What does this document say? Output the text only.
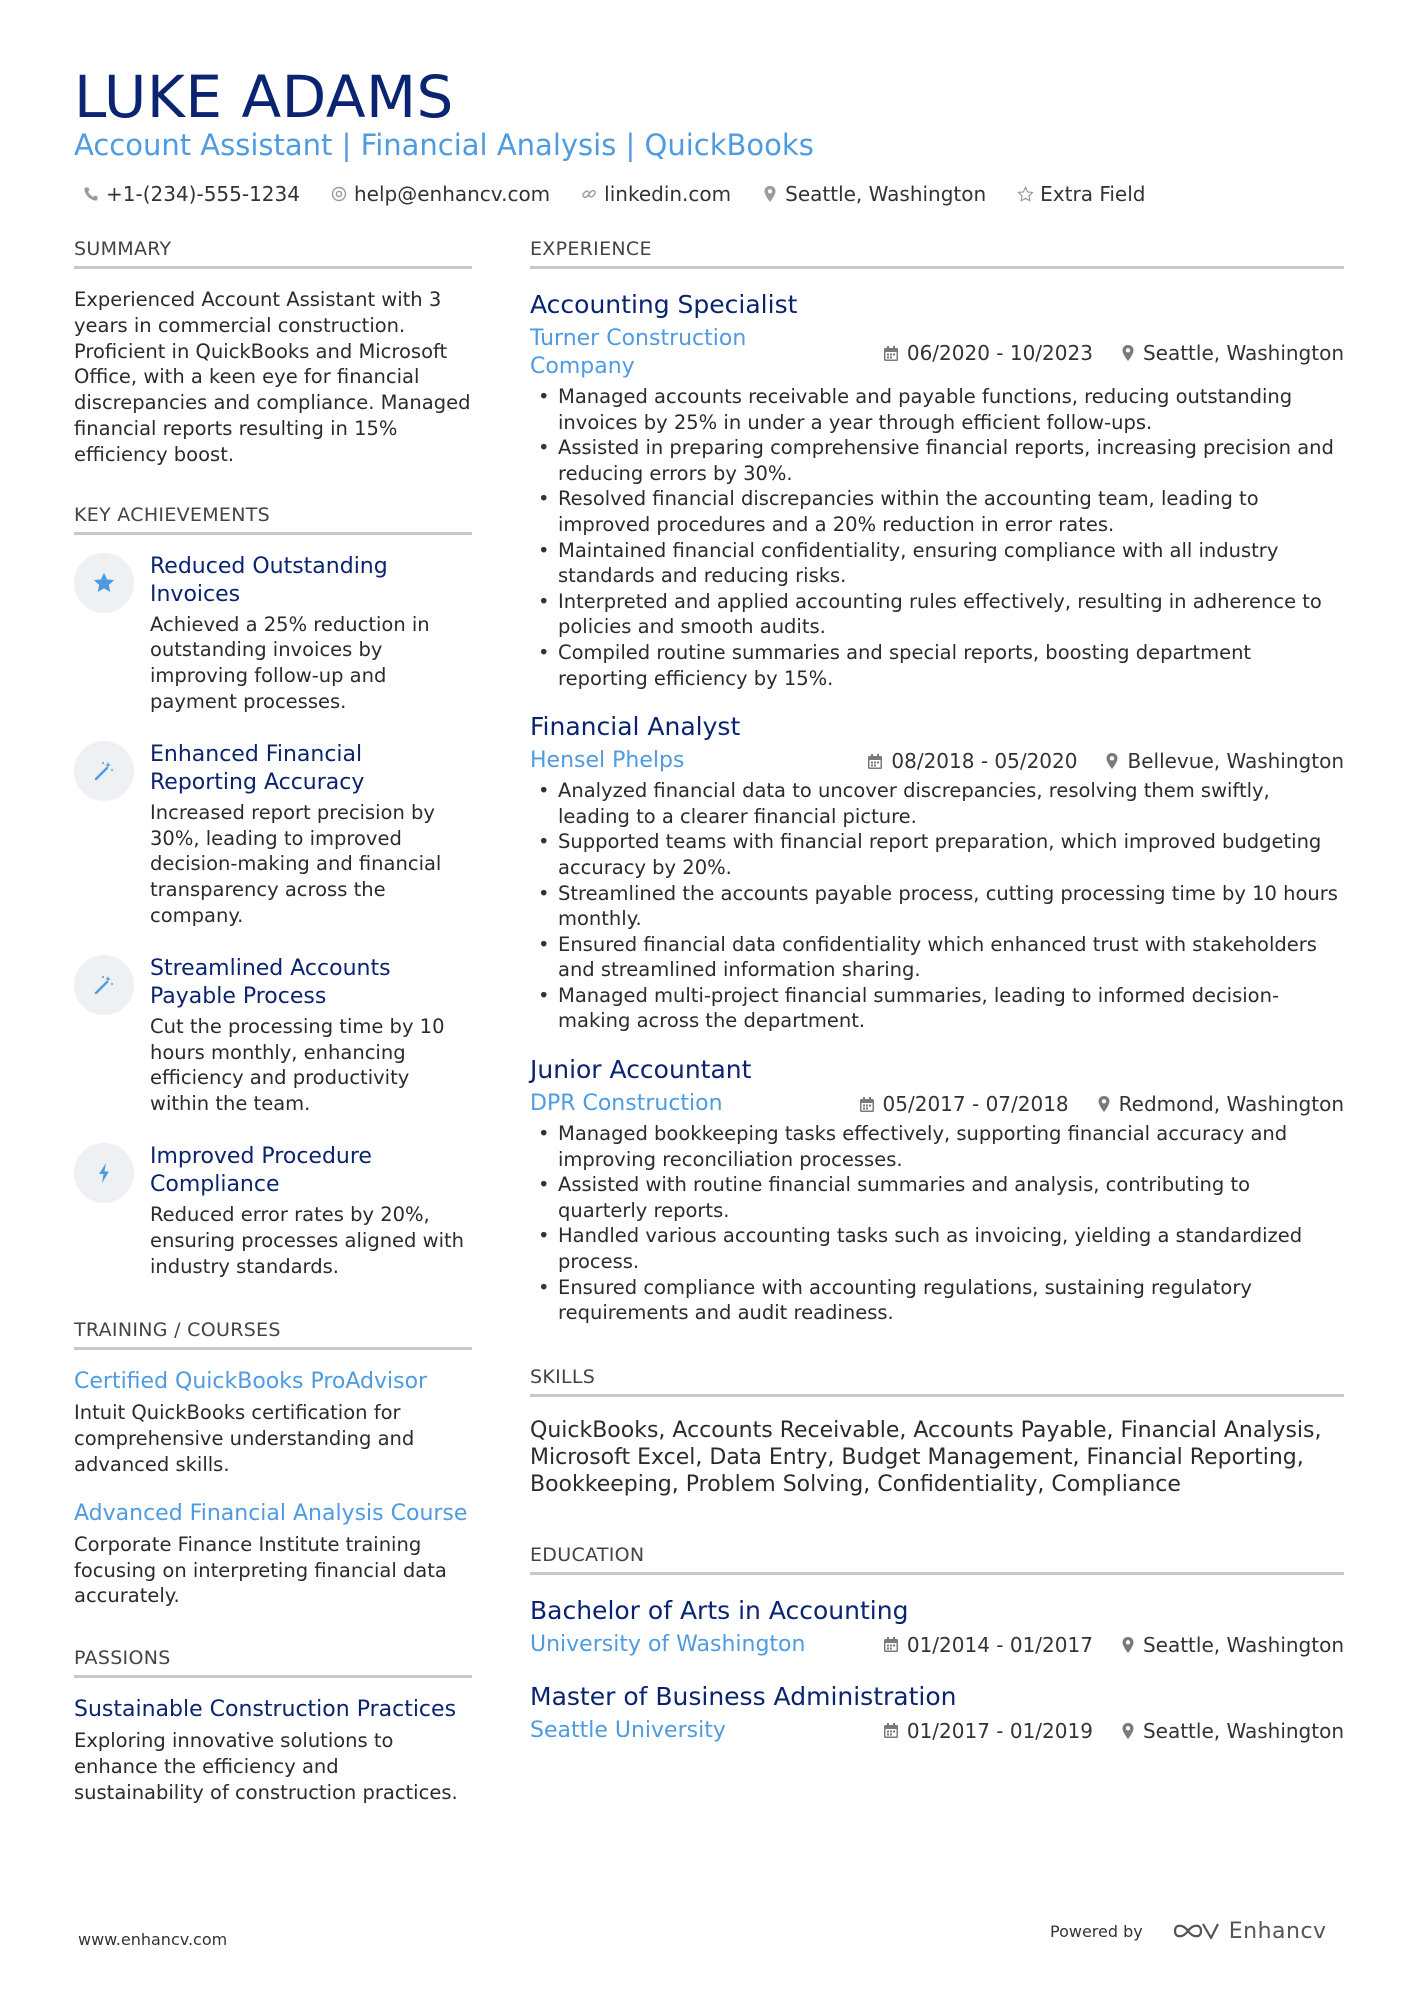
LUKE ADAMS
Account Assistant | Financial Analysis | QuickBooks
+1-(234)-555-1234	help@enhancv.com	linkedin.com	Seattle, Washington	Extra Field
SUMMARY
Experienced Account Assistant with 3 years in commercial construction. Proficient in QuickBooks and Microsoft Office, with a keen eye for financial discrepancies and compliance. Managed financial reports resulting in 15% efficiency boost.
KEY ACHIEVEMENTS
Reduced Outstanding Invoices
Achieved a 25% reduction in outstanding invoices by improving follow-up and payment processes.
Enhanced Financial Reporting Accuracy
Increased report precision by 30%, leading to improved decision-making and financial transparency across the company.
Streamlined Accounts Payable Process
Cut the processing time by 10 hours monthly, enhancing efficiency and productivity within the team.
Improved Procedure Compliance
Reduced error rates by 20%, ensuring processes aligned with industry standards.
TRAINING / COURSES
Certified QuickBooks ProAdvisor
Intuit QuickBooks certification for comprehensive understanding and advanced skills.
Advanced Financial Analysis Course
Corporate Finance Institute training focusing on interpreting financial data accurately.
PASSIONS
Sustainable Construction Practices
Exploring innovative solutions to enhance the efficiency and sustainability of construction practices.
EXPERIENCE
Accounting Specialist
Turner Construction Company
06/2020 - 10/2023	Seattle, Washington
• Managed accounts receivable and payable functions, reducing outstanding invoices by 25% in under a year through efficient follow-ups.
• Assisted in preparing comprehensive financial reports, increasing precision and reducing errors by 30%.
• Resolved financial discrepancies within the accounting team, leading to improved procedures and a 20% reduction in error rates.
• Maintained financial confidentiality, ensuring compliance with all industry standards and reducing risks.
• Interpreted and applied accounting rules effectively, resulting in adherence to policies and smooth audits.
• Compiled routine summaries and special reports, boosting department reporting efficiency by 15%.
Financial Analyst
Hensel Phelps	08/2018 - 05/2020	Bellevue, Washington
• Analyzed financial data to uncover discrepancies, resolving them swiftly, leading to a clearer financial picture.
• Supported teams with financial report preparation, which improved budgeting accuracy by 20%.
• Streamlined the accounts payable process, cutting processing time by 10 hours monthly.
• Ensured financial data confidentiality which enhanced trust with stakeholders and streamlined information sharing.
• Managed multi-project financial summaries, leading to informed decision-making across the department.
Junior Accountant
DPR Construction	05/2017 - 07/2018	Redmond, Washington
• Managed bookkeeping tasks effectively, supporting financial accuracy and improving reconciliation processes.
• Assisted with routine financial summaries and analysis, contributing to quarterly reports.
• Handled various accounting tasks such as invoicing, yielding a standardized process.
• Ensured compliance with accounting regulations, sustaining regulatory requirements and audit readiness.
SKILLS
QuickBooks, Accounts Receivable, Accounts Payable, Financial Analysis, Microsoft Excel, Data Entry, Budget Management, Financial Reporting, Bookkeeping, Problem Solving, Confidentiality, Compliance
EDUCATION
Bachelor of Arts in Accounting
University of Washington	01/2014 - 01/2017	Seattle, Washington
Master of Business Administration
Seattle University	01/2017 - 01/2019	Seattle, Washington
www.enhancv.com	Powered by	Enhancv
